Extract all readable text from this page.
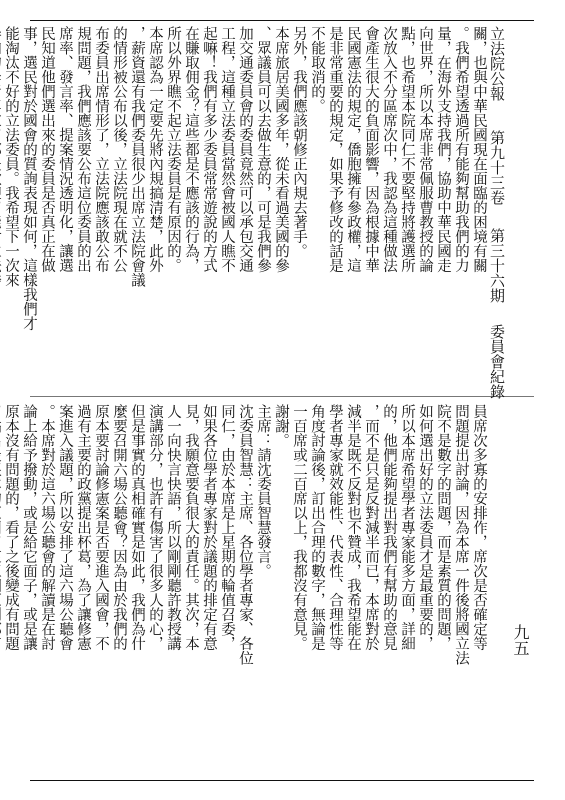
立法院公報
第九十三卷
第三十六期
委員會紀錄
九五
關，也與中華民國現在面臨的困境有關
。我們希望透過所有能夠幫助我們的力
量，在海外支持我們，協助中華民國走
向世界，所以本席非常佩服曹教授的論
點，也希望本院同仁不要堅持將護選所
次放入不分區席次中，我認為這種做法
會產生很大的負面影響，因為根據中華
民國憲法的規定，僑胞擁有參政權，這
是非常重要的規定，如果予修改的話是
不能取消的。
另外，我們應該朝修正內規去著手。
本席旅居美國多年，從未看過美國的參
、眾議員可以去做生意的，可是我們參
加交通委員會的委員竟然可以承包交通
工程，這種立法委員當然會被國人瞧不
起嘛！我們有多少委員常常遊說的方式
在賺取佣金？這些都是不應該的行為，
所以外界瞧不起立法委員是有原因的。
本席認為一定要先將內規搞清楚，此外
，薪資還有我們委員很少出席立法院會議
的情形被公布以後，立法院現在就不公
布委員出席情形了，立法院應該敢公布
規問題，我們應該要公布這位委員的出
席率、發言率、提案情況透明化，讓選
民知道他們選出來的委員是否真正在做
事，選民對於國會的質詢表現如何，這樣我們才
能淘汰不好的立法委員。我希望下一次來
員席次多寡的安排作，席次是否確定等
問題提出討論，因為本席一件後將國立法
院不是數字的問題，而是素質的問題，
如何選出好的立法委員才是最重要的，
所以本席希望學者專家能多方面，詳細
的，他們能夠提出對我們有幫助的意見
，而不是只是反對減半而已，本席對於
減半是既不反對也不贊成，我希望能在
學者專家就效能性、代表性、合理性等
角度討論後，訂出合理的數字，無論是
一百席或二百席以上，我都沒有意見。
謝謝。
主席：請沈委員智慧發言。
沈委員智慧：主席、各位學者專家、各位
同仁，由於本席是上星期的輪值召委，
如果各位學者專家對於議題的排定有意
見，我願意要負很大的責任。其次，本
人一向快言快語，所以剛剛聽許教授講
演講部分，也許有傷害了很多人的心，
但是事實的真相確實是如此，我們為什
麼要召開六場公聽會？因為由於我們的
原本要討論修憲案是否要進入國會，不
過有主要的政黨提出杯葛，為了讓修憲
案進入議題，所以安排了這六場公聽會
。本席對於這六場公聽會的解讀是在討
論上給予撥動，或是給它面子，或是讓
原本沒有問題的，看了之後變成有問題
